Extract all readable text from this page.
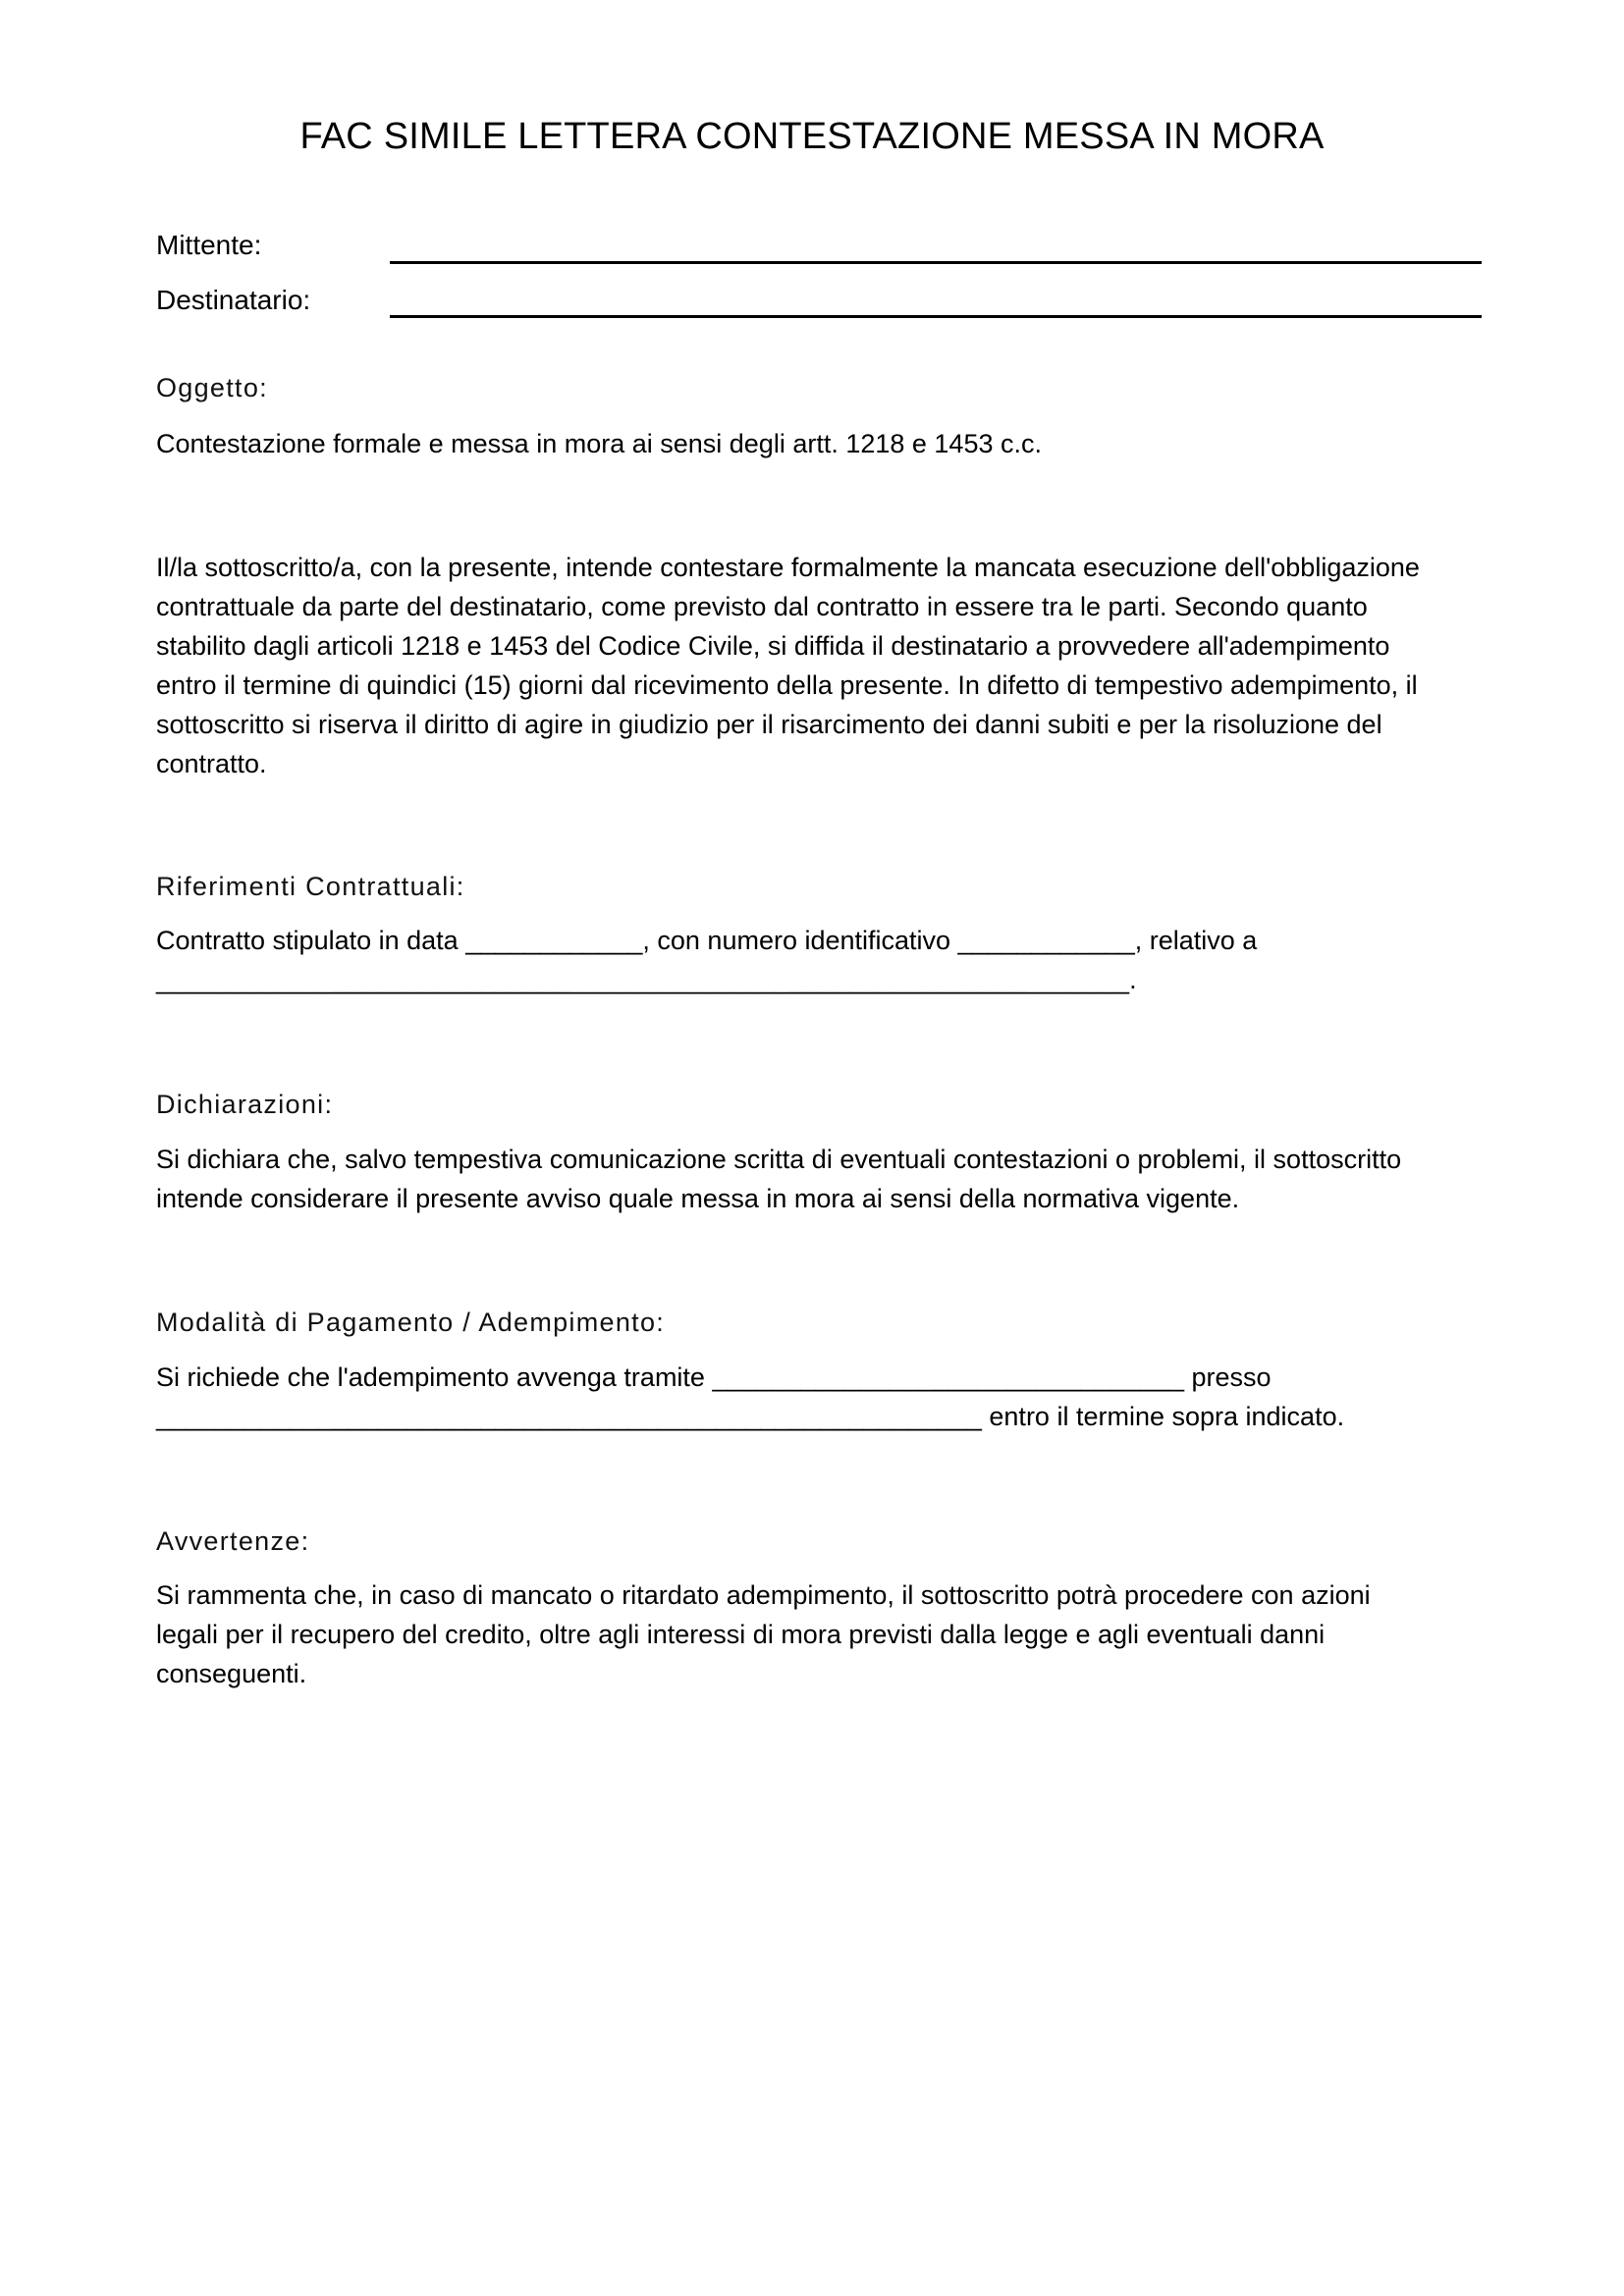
FAC SIMILE LETTERA CONTESTAZIONE MESSA IN MORA
Mittente:
Destinatario:
Oggetto:
Contestazione formale e messa in mora ai sensi degli artt. 1218 e 1453 c.c.
Il/la sottoscritto/a, con la presente, intende contestare formalmente la mancata esecuzione dell'obbligazione
contrattuale da parte del destinatario, come previsto dal contratto in essere tra le parti. Secondo quanto
stabilito dagli articoli 1218 e 1453 del Codice Civile, si diffida il destinatario a provvedere all'adempimento
entro il termine di quindici (15) giorni dal ricevimento della presente. In difetto di tempestivo adempimento, il
sottoscritto si riserva il diritto di agire in giudizio per il risarcimento dei danni subiti e per la risoluzione del
contratto.
Riferimenti Contrattuali:
Contratto stipulato in data ____________, con numero identificativo ____________, relativo a
__________________________________________________________________.
Dichiarazioni:
Si dichiara che, salvo tempestiva comunicazione scritta di eventuali contestazioni o problemi, il sottoscritto
intende considerare il presente avviso quale messa in mora ai sensi della normativa vigente.
Modalità di Pagamento / Adempimento:
Si richiede che l'adempimento avvenga tramite ________________________________ presso
________________________________________________________ entro il termine sopra indicato.
Avvertenze:
Si rammenta che, in caso di mancato o ritardato adempimento, il sottoscritto potrà procedere con azioni
legali per il recupero del credito, oltre agli interessi di mora previsti dalla legge e agli eventuali danni
conseguenti.
